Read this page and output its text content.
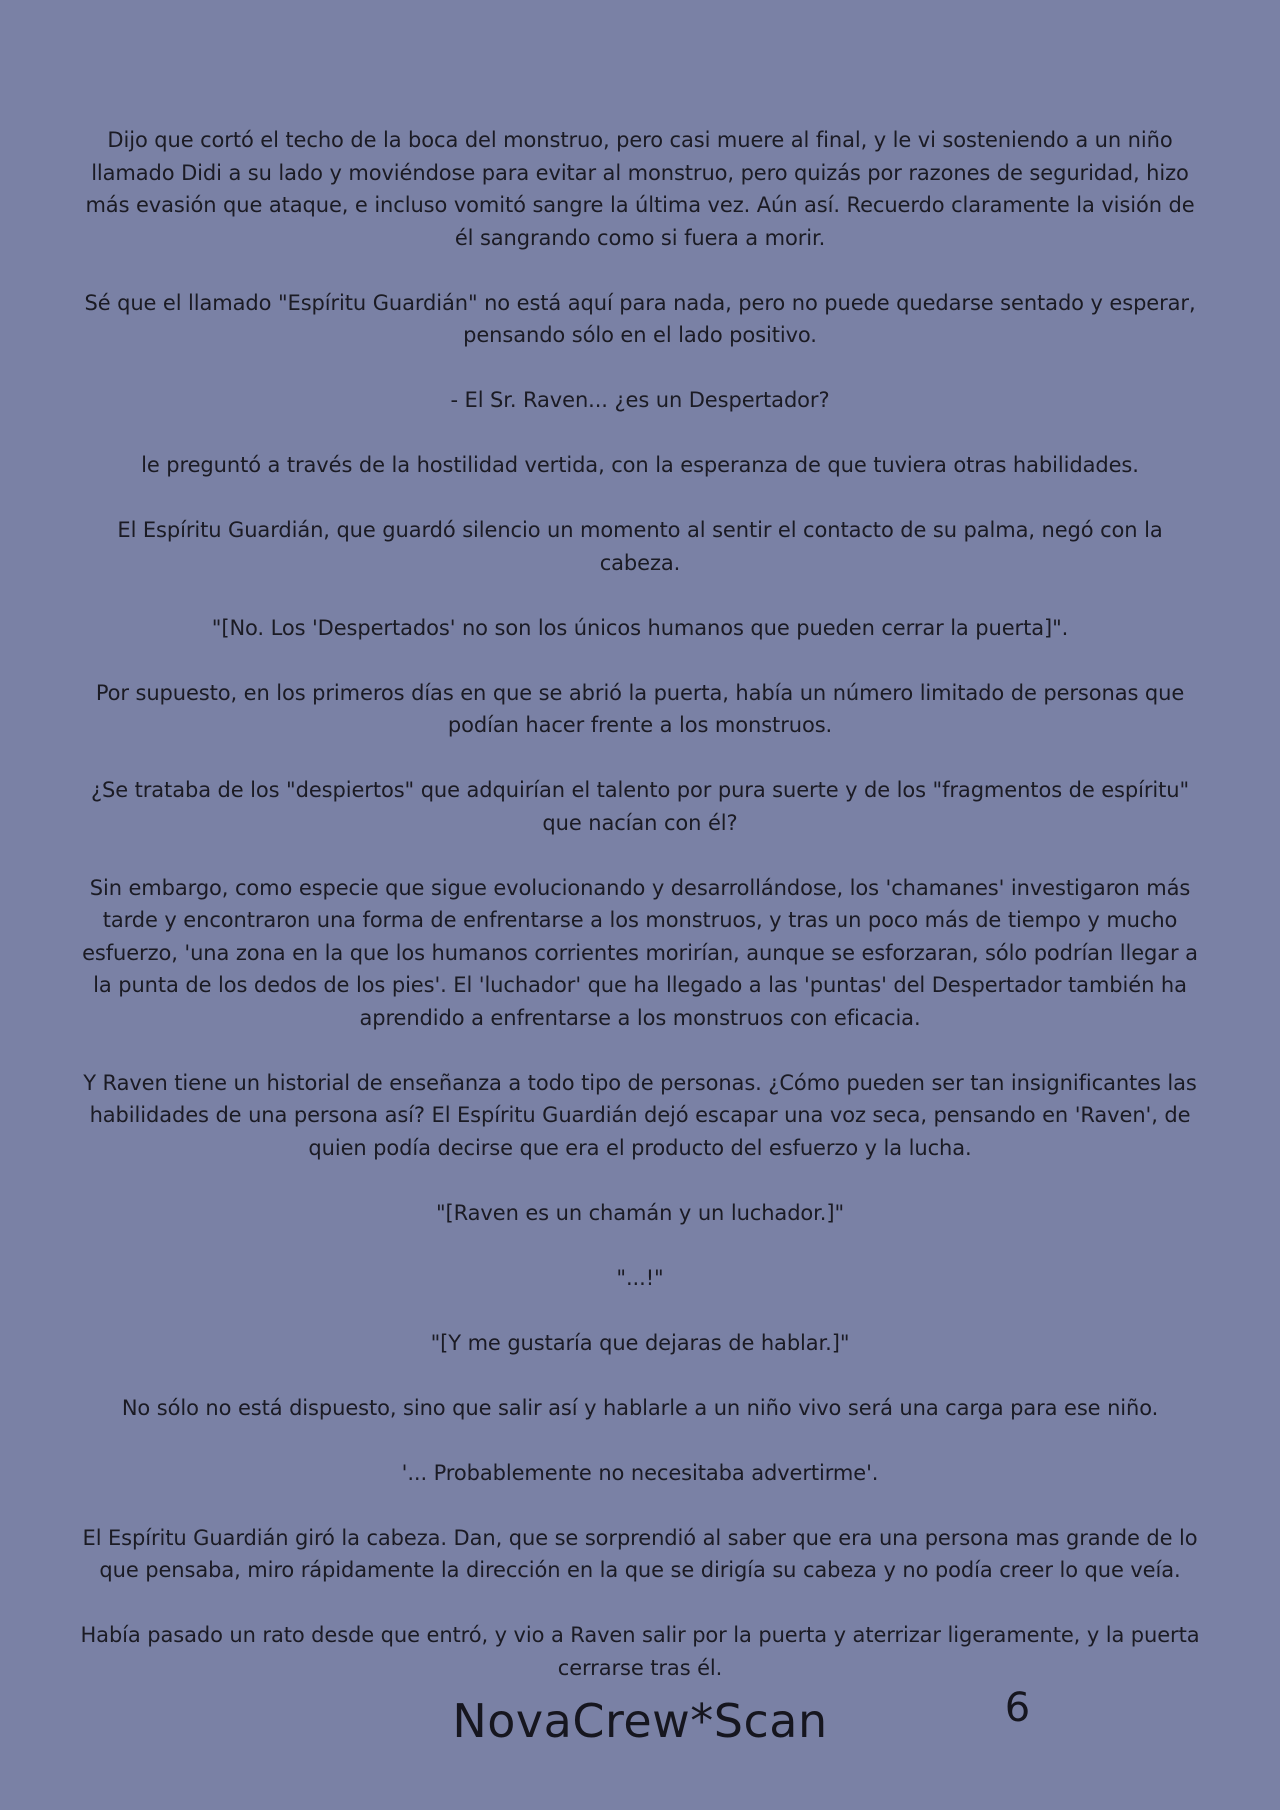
Dijo que cortó el techo de la boca del monstruo, pero casi muere al final, y le vi sosteniendo a un niño llamado Didi a su lado y moviéndose para evitar al monstruo, pero quizás por razones de seguridad, hizo más evasión que ataque, e incluso vomitó sangre la última vez. Aún así. Recuerdo claramente la visión de él sangrando como si fuera a morir.

Sé que el llamado "Espíritu Guardián" no está aquí para nada, pero no puede quedarse sentado y esperar, pensando sólo en el lado positivo.

- El Sr. Raven... ¿es un Despertador?

le preguntó a través de la hostilidad vertida, con la esperanza de que tuviera otras habilidades.

El Espíritu Guardián, que guardó silencio un momento al sentir el contacto de su palma, negó con la cabeza.

"[No. Los 'Despertados' no son los únicos humanos que pueden cerrar la puerta]".

Por supuesto, en los primeros días en que se abrió la puerta, había un número limitado de personas que podían hacer frente a los monstruos.

¿Se trataba de los "despiertos" que adquirían el talento por pura suerte y de los "fragmentos de espíritu" que nacían con él?

Sin embargo, como especie que sigue evolucionando y desarrollándose, los 'chamanes' investigaron más tarde y encontraron una forma de enfrentarse a los monstruos, y tras un poco más de tiempo y mucho esfuerzo, 'una zona en la que los humanos corrientes morirían, aunque se esforzaran, sólo podrían llegar a la punta de los dedos de los pies'. El 'luchador' que ha llegado a las 'puntas' del Despertador también ha aprendido a enfrentarse a los monstruos con eficacia.

Y Raven tiene un historial de enseñanza a todo tipo de personas. ¿Cómo pueden ser tan insignificantes las habilidades de una persona así? El Espíritu Guardián dejó escapar una voz seca, pensando en 'Raven', de quien podía decirse que era el producto del esfuerzo y la lucha.

"[Raven es un chamán y un luchador.]"

"...!"

"[Y me gustaría que dejaras de hablar.]"

No sólo no está dispuesto, sino que salir así y hablarle a un niño vivo será una carga para ese niño.

'... Probablemente no necesitaba advertirme'.

El Espíritu Guardián giró la cabeza. Dan, que se sorprendió al saber que era una persona mas grande de lo que pensaba, miro rápidamente la dirección en la que se dirigía su cabeza y no podía creer lo que veía.

Había pasado un rato desde que entró, y vio a Raven salir por la puerta y aterrizar ligeramente, y la puerta cerrarse tras él.

NovaCrew*Scan	6
